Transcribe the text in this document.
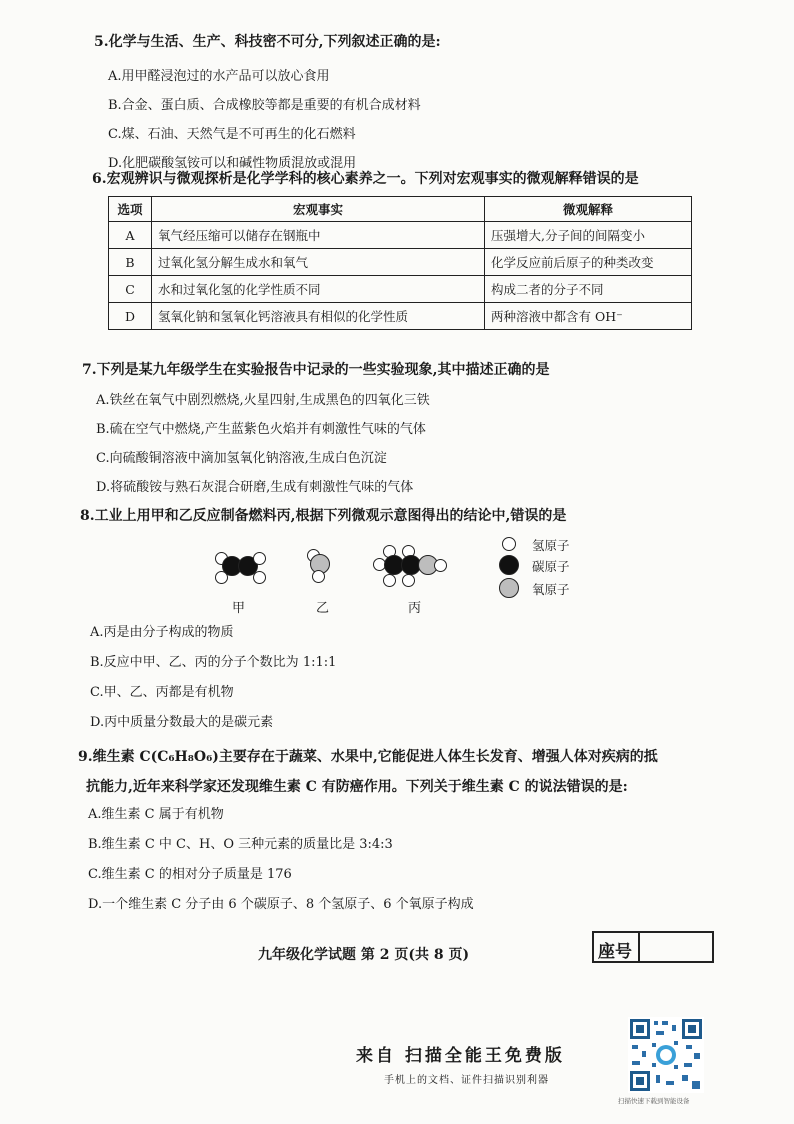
5.化学与生活、生产、科技密不可分,下列叙述正确的是:
A.用甲醛浸泡过的水产品可以放心食用
B.合金、蛋白质、合成橡胶等都是重要的有机合成材料
C.煤、石油、天然气是不可再生的化石燃料
D.化肥碳酸氢铵可以和碱性物质混放或混用
6.宏观辨识与微观探析是化学学科的核心素养之一。下列对宏观事实的微观解释错误的是
选项	宏观事实	微观解释
A	氧气经压缩可以储存在钢瓶中	压强增大,分子间的间隔变小
B	过氧化氢分解生成水和氧气	化学反应前后原子的种类改变
C	水和过氧化氢的化学性质不同	构成二者的分子不同
D	氢氧化钠和氢氧化钙溶液具有相似的化学性质	两种溶液中都含有 OH⁻
7.下列是某九年级学生在实验报告中记录的一些实验现象,其中描述正确的是
A.铁丝在氧气中剧烈燃烧,火星四射,生成黑色的四氧化三铁
B.硫在空气中燃烧,产生蓝紫色火焰并有刺激性气味的气体
C.向硫酸铜溶液中滴加氢氧化钠溶液,生成白色沉淀
D.将硫酸铵与熟石灰混合研磨,生成有刺激性气味的气体
8.工业上用甲和乙反应制备燃料丙,根据下列微观示意图得出的结论中,错误的是
甲	乙	丙
氢原子
碳原子
氧原子
A.丙是由分子构成的物质
B.反应中甲、乙、丙的分子个数比为 1:1:1
C.甲、乙、丙都是有机物
D.丙中质量分数最大的是碳元素
9.维生素 C(C₆H₈O₆)主要存在于蔬菜、水果中,它能促进人体生长发育、增强人体对疾病的抵
抗能力,近年来科学家还发现维生素 C 有防癌作用。下列关于维生素 C 的说法错误的是:
A.维生素 C 属于有机物
B.维生素 C 中 C、H、O 三种元素的质量比是 3:4:3
C.维生素 C 的相对分子质量是 176
D.一个维生素 C 分子由 6 个碳原子、8 个氢原子、6 个氧原子构成
九年级化学试题 第 2 页(共 8 页)	座号
来自 扫描全能王免费版
手机上的文档、证件扫描识别利器
扫描快速下载到智能设备
